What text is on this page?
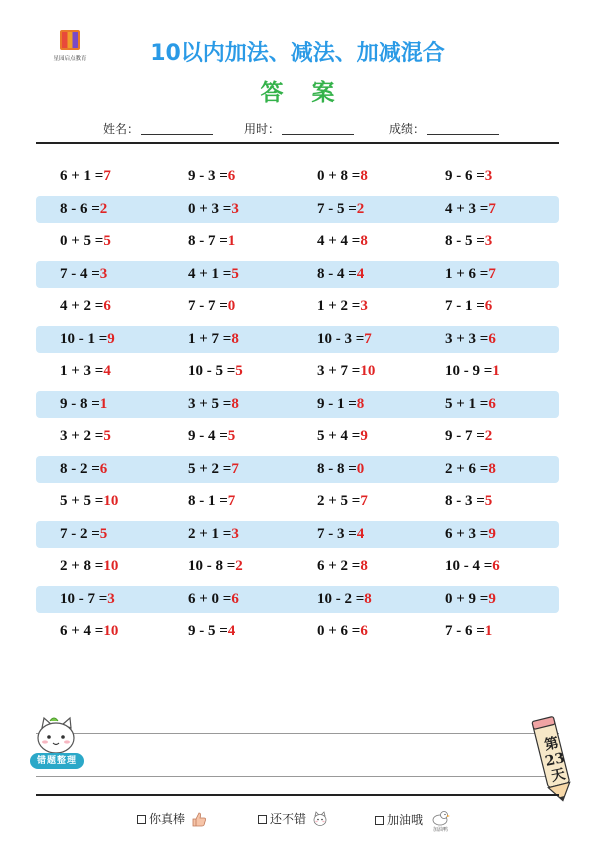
星园启点教育	10以内加法、减法、加减混合
答案
姓名：	用时：	成绩：
6 + 1 =7	9 - 3 =6	0 + 8 =8	9 - 6 =3
8 - 6 =2	0 + 3 =3	7 - 5 =2	4 + 3 =7
0 + 5 =5	8 - 7 =1	4 + 4 =8	8 - 5 =3
7 - 4 =3	4 + 1 =5	8 - 4 =4	1 + 6 =7
4 + 2 =6	7 - 7 =0	1 + 2 =3	7 - 1 =6
10 - 1 =9	1 + 7 =8	10 - 3 =7	3 + 3 =6
1 + 3 =4	10 - 5 =5	3 + 7 =10	10 - 9 =1
9 - 8 =1	3 + 5 =8	9 - 1 =8	5 + 1 =6
3 + 2 =5	9 - 4 =5	5 + 4 =9	9 - 7 =2
8 - 2 =6	5 + 2 =7	8 - 8 =0	2 + 6 =8
5 + 5 =10	8 - 1 =7	2 + 5 =7	8 - 3 =5
7 - 2 =5	2 + 1 =3	7 - 3 =4	6 + 3 =9
2 + 8 =10	10 - 8 =2	6 + 2 =8	10 - 4 =6
10 - 7 =3	6 + 0 =6	10 - 2 =8	0 + 9 =9
6 + 4 =10	9 - 5 =4	0 + 6 =6	7 - 6 =1
错题整理
第23天
你真棒	还不错	加油哦
加油鸭
